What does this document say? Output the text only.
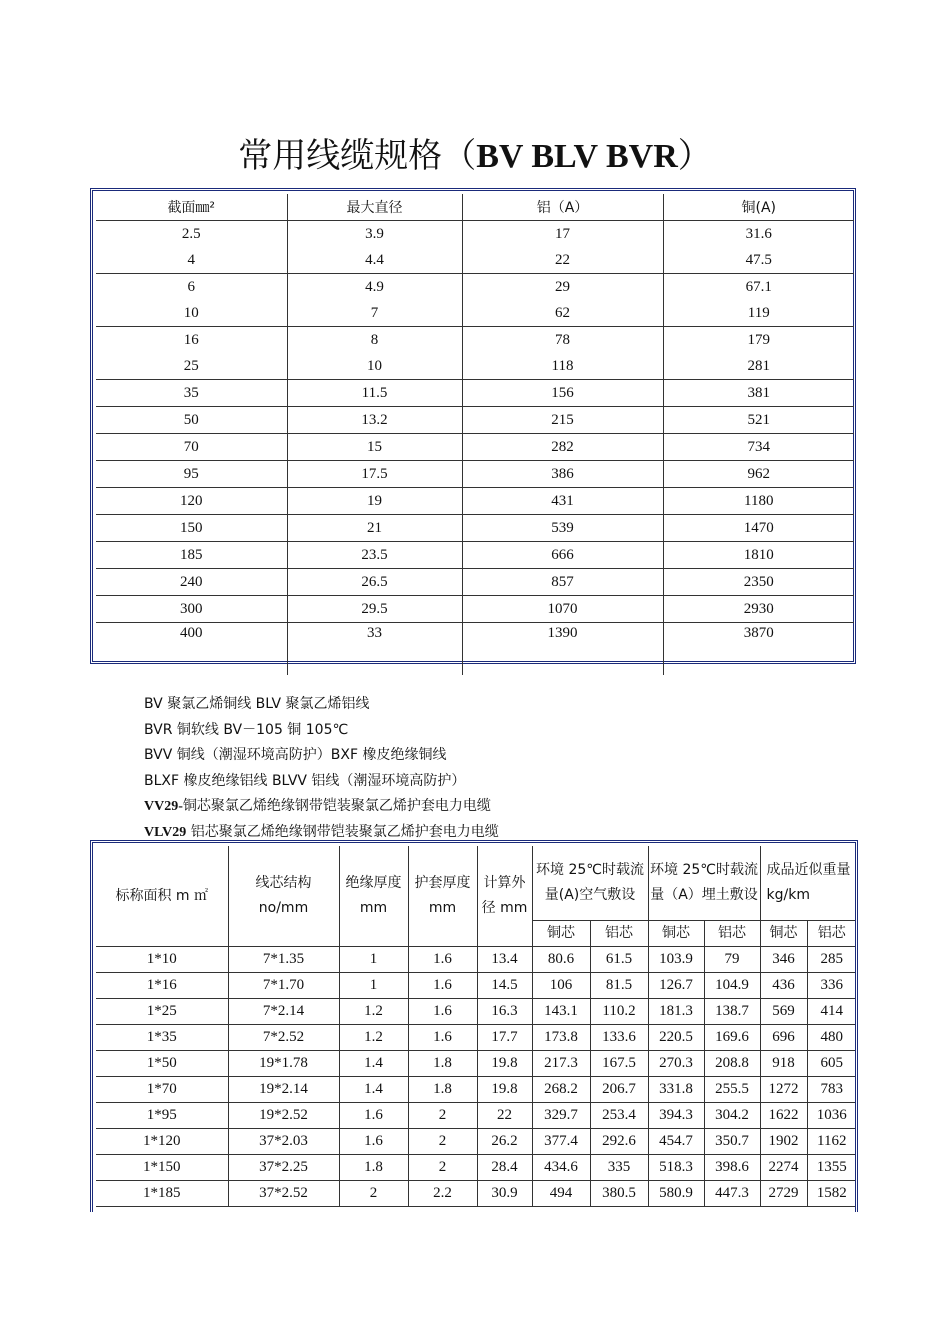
常用线缆规格（BV BLV BVR）
截面㎜²	最大直径	铝（A）	铜(A)
2.5	3.9	17	31.6
4	4.4	22	47.5
6	4.9	29	67.1
10	7	62	119
16	8	78	179
25	10	118	281
35	11.5	156	381
50	13.2	215	521
70	15	282	734
95	17.5	386	962
120	19	431	1180
150	21	539	1470
185	23.5	666	1810
240	26.5	857	2350
300	29.5	1070	2930
400	33	1390	3870
BV 聚氯乙烯铜线 BLV 聚氯乙烯铝线
BVR 铜软线 BV－105 铜 105℃
BVV 铜线（潮湿环境高防护）BXF 橡皮绝缘铜线
BLXF 橡皮绝缘铝线 BLVV 铝线（潮湿环境高防护）
VV29-铜芯聚氯乙烯绝缘钢带铠装聚氯乙烯护套电力电缆
VLV29 铝芯聚氯乙烯绝缘钢带铠装聚氯乙烯护套电力电缆
标称面积 m ㎡	线芯结构 no/mm	绝缘厚度 mm	护套厚度 mm	计算外径 mm	环境 25℃时载流量(A)空气敷设		环境 25℃时载流量（A）埋土敷设		成品近似重量 kg/km	
					铜芯	铝芯	铜芯	铝芯	铜芯	铝芯
1*10	7*1.35	1	1.6	13.4	80.6	61.5	103.9	79	346	285
1*16	7*1.70	1	1.6	14.5	106	81.5	126.7	104.9	436	336
1*25	7*2.14	1.2	1.6	16.3	143.1	110.2	181.3	138.7	569	414
1*35	7*2.52	1.2	1.6	17.7	173.8	133.6	220.5	169.6	696	480
1*50	19*1.78	1.4	1.8	19.8	217.3	167.5	270.3	208.8	918	605
1*70	19*2.14	1.4	1.8	19.8	268.2	206.7	331.8	255.5	1272	783
1*95	19*2.52	1.6	2	22	329.7	253.4	394.3	304.2	1622	1036
1*120	37*2.03	1.6	2	26.2	377.4	292.6	454.7	350.7	1902	1162
1*150	37*2.25	1.8	2	28.4	434.6	335	518.3	398.6	2274	1355
1*185	37*2.52	2	2.2	30.9	494	380.5	580.9	447.3	2729	1582
